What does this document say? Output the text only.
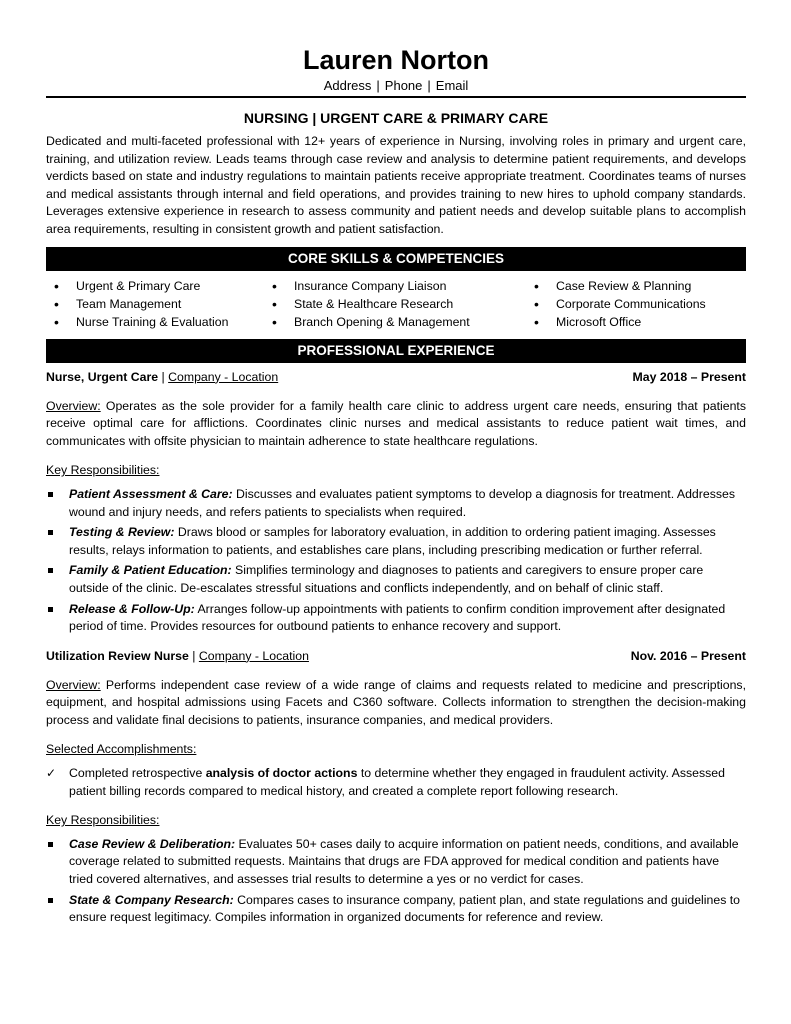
Lauren Norton
Address | Phone | Email
NURSING | URGENT CARE & PRIMARY CARE

Dedicated and multi-faceted professional with 12+ years of experience in Nursing, involving roles in primary and urgent care, training, and utilization review. Leads teams through case review and analysis to determine patient requirements, and develops verdicts based on state and industry regulations to maintain patients receive appropriate treatment. Coordinates teams of nurses and medical assistants through internal and field operations, and provides training to new hires to uphold company standards. Leverages extensive experience in research to assess community and patient needs and develop suitable plans to accomplish area requirements, resulting in consistent growth and patient satisfaction.

CORE SKILLS & COMPETENCIES
• Urgent & Primary Care
• Team Management
• Nurse Training & Evaluation
• Insurance Company Liaison
• State & Healthcare Research
• Branch Opening & Management
• Case Review & Planning
• Corporate Communications
• Microsoft Office
PROFESSIONAL EXPERIENCE
Nurse, Urgent Care | Company - Location	May 2018 – Present

Overview: Operates as the sole provider for a family health care clinic to address urgent care needs, ensuring that patients receive optimal care for afflictions. Coordinates clinic nurses and medical assistants to reduce patient wait times, and communicates with offsite physician to maintain adherence to state healthcare regulations.

Key Responsibilities:
Patient Assessment & Care: Discusses and evaluates patient symptoms to develop a diagnosis for treatment. Addresses wound and injury needs, and refers patients to specialists when required.
Testing & Review: Draws blood or samples for laboratory evaluation, in addition to ordering patient imaging. Assesses results, relays information to patients, and establishes care plans, including prescribing medication or further referral.
Family & Patient Education: Simplifies terminology and diagnoses to patients and caregivers to ensure proper care outside of the clinic. De-escalates stressful situations and conflicts independently, and on behalf of clinic staff.
Release & Follow-Up: Arranges follow-up appointments with patients to confirm condition improvement after designated period of time. Provides resources for outbound patients to enhance recovery and support.
Utilization Review Nurse | Company - Location	Nov. 2016 – Present

Overview: Performs independent case review of a wide range of claims and requests related to medicine and prescriptions, equipment, and hospital admissions using Facets and C360 software. Collects information to strengthen the decision-making process and validate final decisions to patients, insurance companies, and medical providers.

Selected Accomplishments:
✓ Completed retrospective analysis of doctor actions to determine whether they engaged in fraudulent activity. Assessed patient billing records compared to medical history, and created a complete report following research.
Key Responsibilities:
Case Review & Deliberation: Evaluates 50+ cases daily to acquire information on patient needs, conditions, and available coverage related to submitted requests. Maintains that drugs are FDA approved for medical condition and patients have tried covered alternatives, and assesses trial results to determine a yes or no verdict for cases.
State & Company Research: Compares cases to insurance company, patient plan, and state regulations and guidelines to ensure request legitimacy. Compiles information in organized documents for reference and review.
